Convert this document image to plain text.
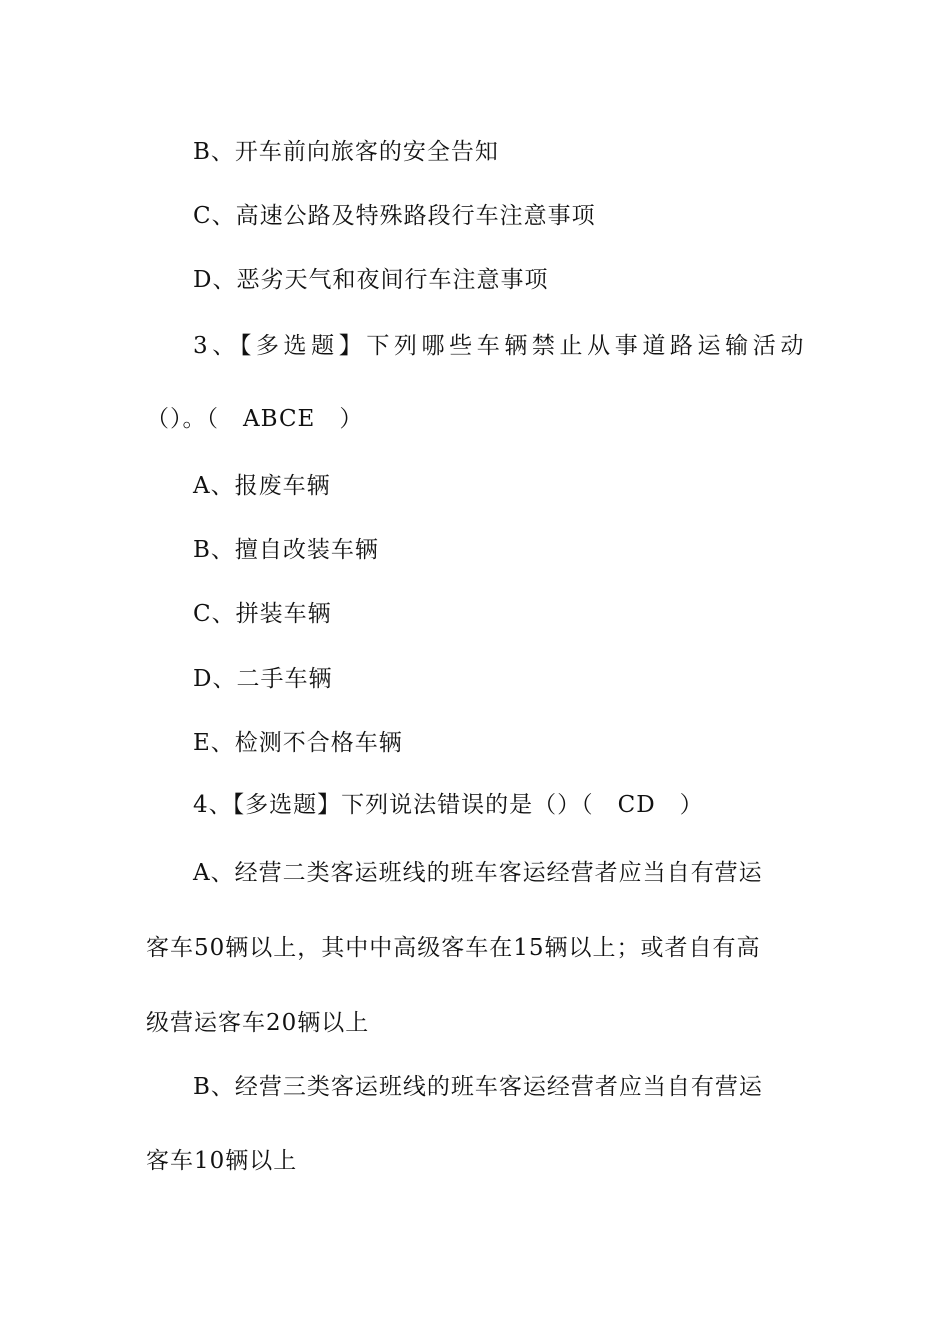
B、开车前向旅客的安全告知
C、高速公路及特殊路段行车注意事项
D、恶劣天气和夜间行车注意事项
3、【多选题】下列哪些车辆禁止从事道路运输活动
（）。（　ABCE　）
A、报废车辆
B、擅自改装车辆
C、拼装车辆
D、二手车辆
E、检测不合格车辆
4、【多选题】下列说法错误的是（）（　CD　）
A、经营二类客运班线的班车客运经营者应当自有营运
客车50辆以上，其中中高级客车在15辆以上；或者自有高
级营运客车20辆以上
B、经营三类客运班线的班车客运经营者应当自有营运
客车10辆以上
